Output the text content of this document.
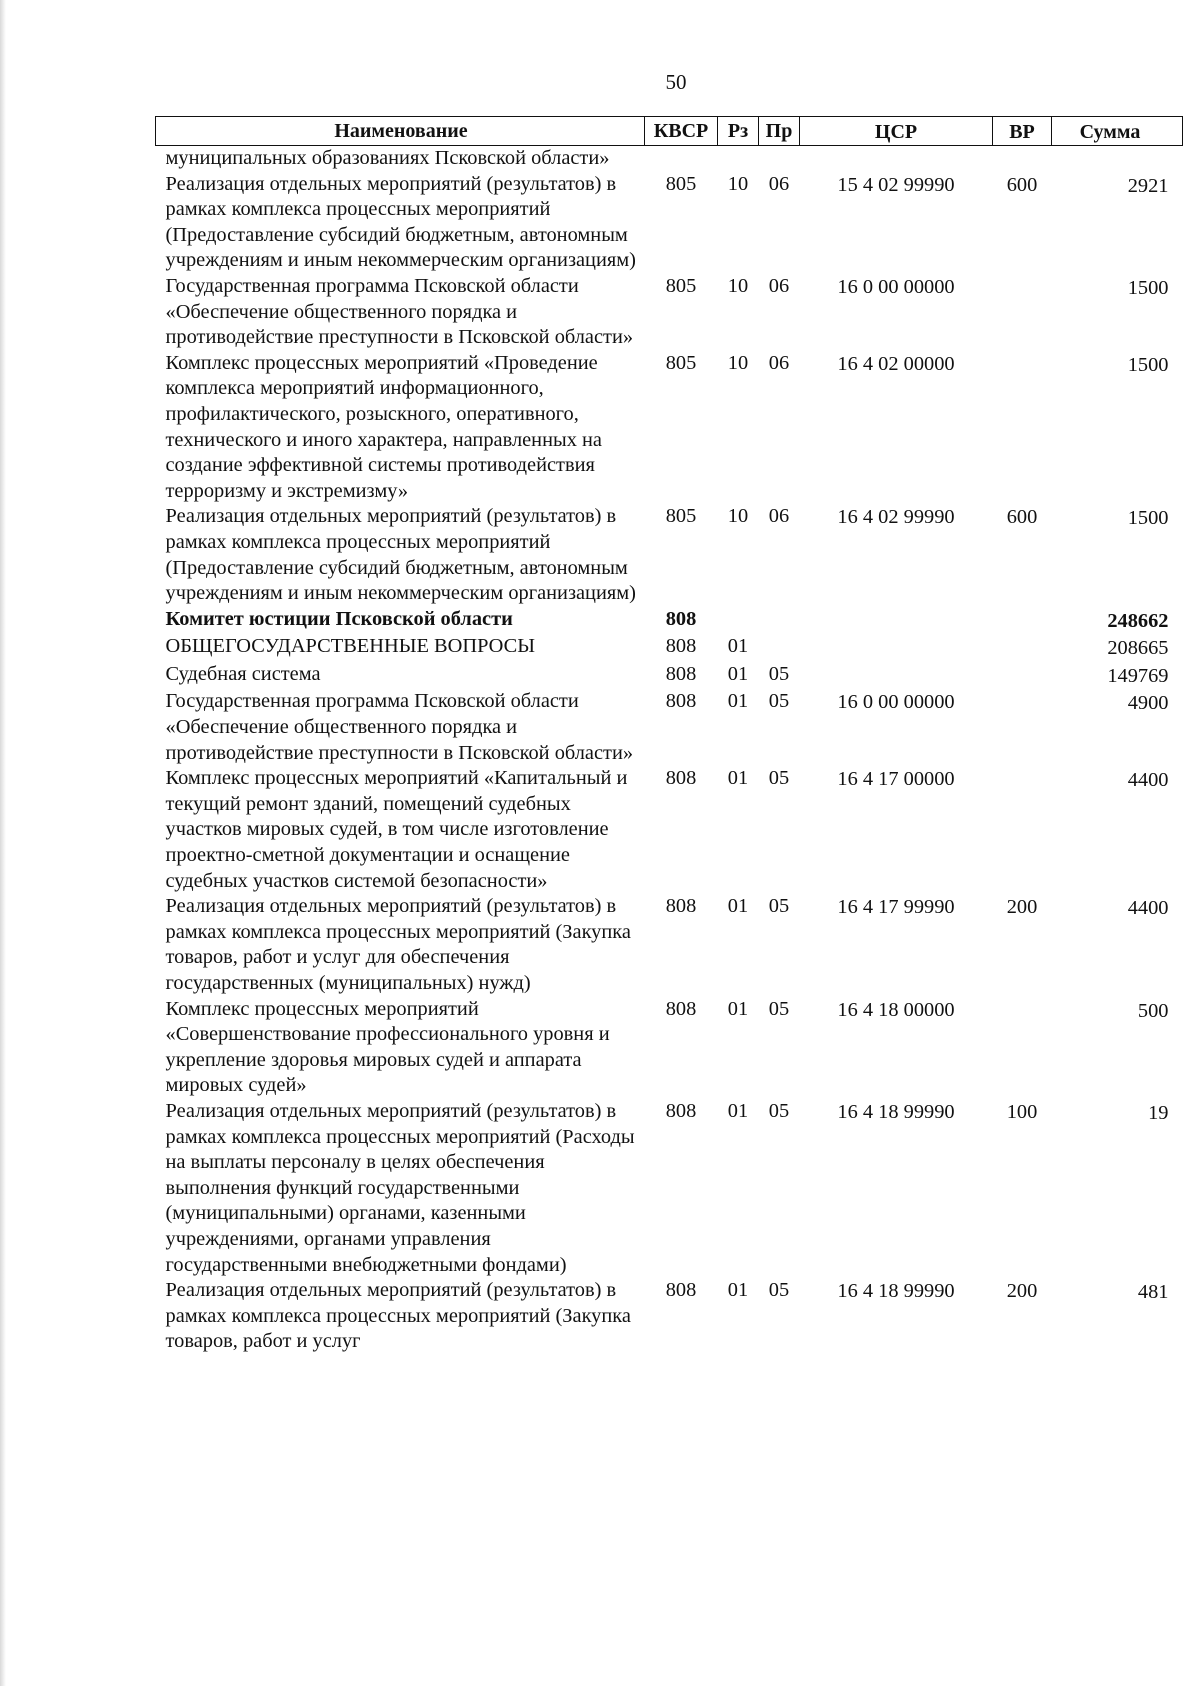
50
Наименование	КВСР	Рз	Пр	ЦСР	ВР	Сумма
муниципальных образованиях Псковской области»						
Реализация отдельных мероприятий (результатов) в рамках комплекса процессных мероприятий (Предоставление субсидий бюджетным, автономным учреждениям и иным некоммерческим организациям)	805	10	06	15 4 02 99990	600	2921
Государственная программа Псковской области «Обеспечение общественного порядка и противодействие преступности в Псковской области»	805	10	06	16 0 00 00000		1500
Комплекс процессных мероприятий «Проведение комплекса мероприятий информационного, профилактического, розыскного, оперативного, технического и иного характера, направленных на создание эффективной системы противодействия терроризму и экстремизму»	805	10	06	16 4 02 00000		1500
Реализация отдельных мероприятий (результатов) в рамках комплекса процессных мероприятий (Предоставление субсидий бюджетным, автономным учреждениям и иным некоммерческим организациям)	805	10	06	16 4 02 99990	600	1500
Комитет юстиции Псковской области	808					248662
ОБЩЕГОСУДАРСТВЕННЫЕ ВОПРОСЫ	808	01				208665
Судебная система	808	01	05			149769
Государственная программа Псковской области «Обеспечение общественного порядка и противодействие преступности в Псковской области»	808	01	05	16 0 00 00000		4900
Комплекс процессных мероприятий «Капитальный и текущий ремонт зданий, помещений судебных участков мировых судей, в том числе изготовление проектно-сметной документации и оснащение судебных участков системой безопасности»	808	01	05	16 4 17 00000		4400
Реализация отдельных мероприятий (результатов) в рамках комплекса процессных мероприятий (Закупка товаров, работ и услуг для обеспечения государственных (муниципальных) нужд)	808	01	05	16 4 17 99990	200	4400
Комплекс процессных мероприятий «Совершенствование профессионального уровня и укрепление здоровья мировых судей и аппарата мировых судей»	808	01	05	16 4 18 00000		500
Реализация отдельных мероприятий (результатов) в рамках комплекса процессных мероприятий (Расходы на выплаты персоналу в целях обеспечения выполнения функций государственными (муниципальными) органами, казенными учреждениями, органами управления государственными внебюджетными фондами)	808	01	05	16 4 18 99990	100	19
Реализация отдельных мероприятий (результатов) в рамках комплекса процессных мероприятий (Закупка товаров, работ и услуг	808	01	05	16 4 18 99990	200	481
